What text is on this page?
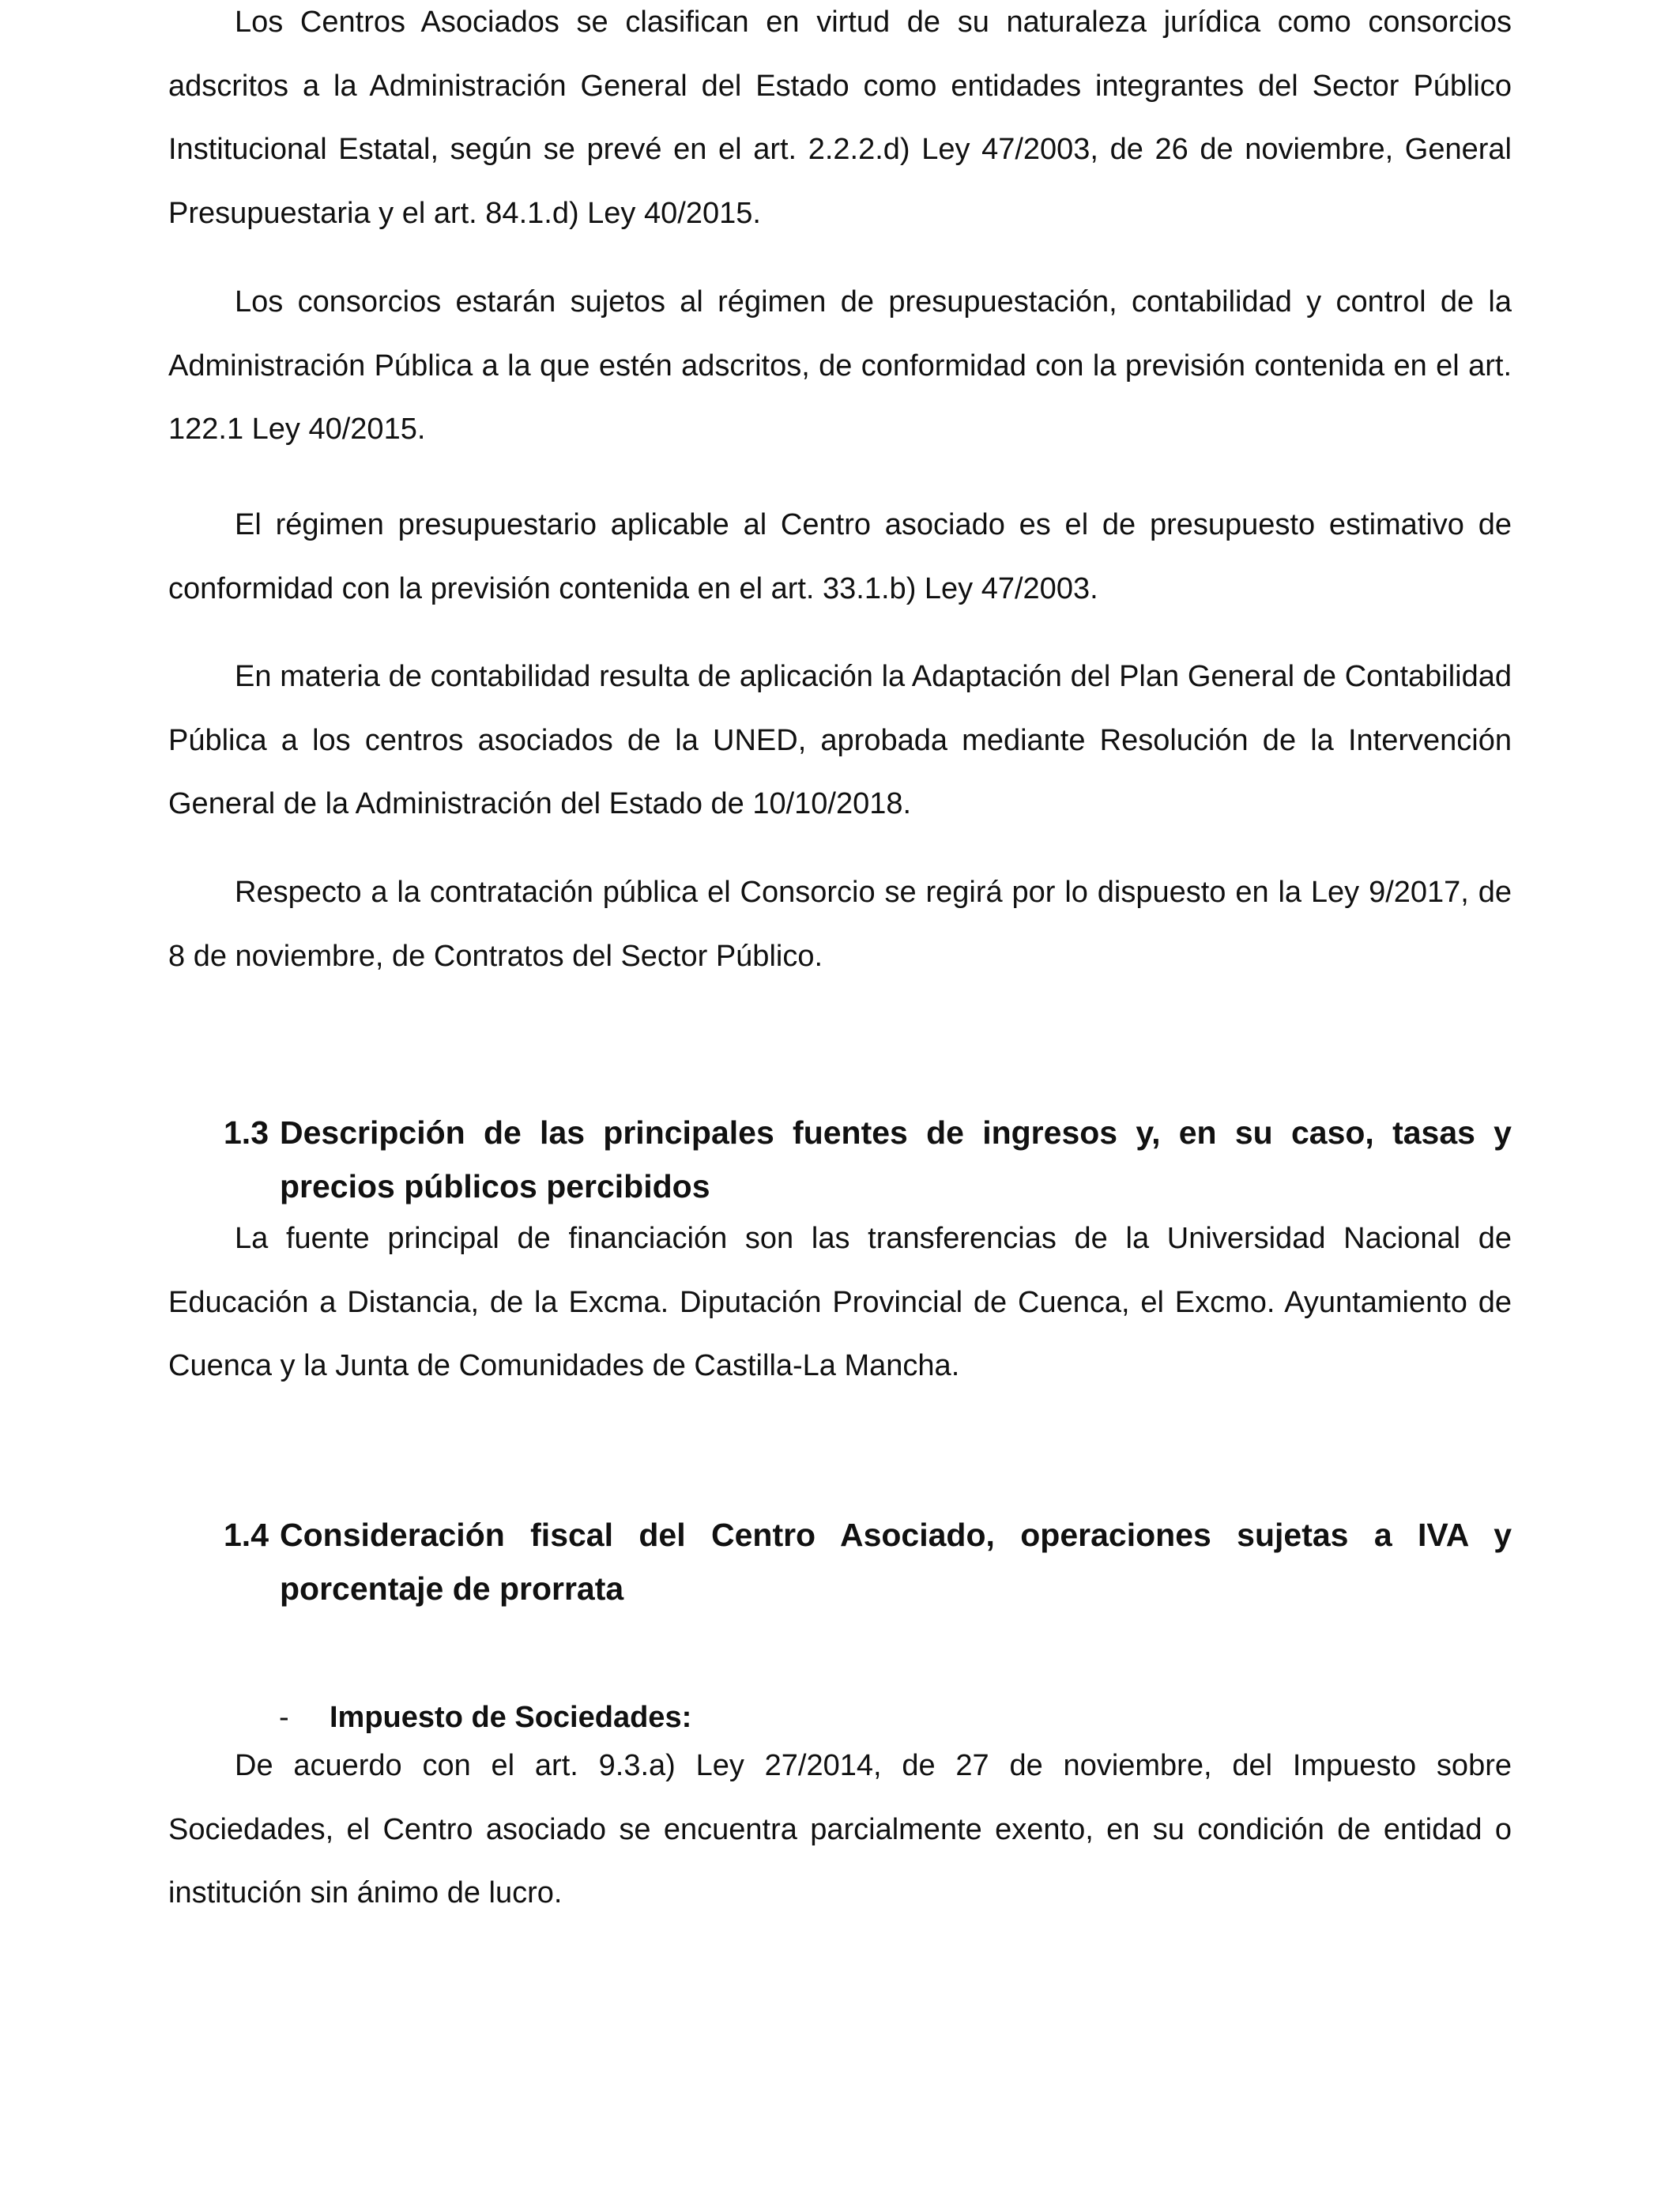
Los Centros Asociados se clasifican en virtud de su naturaleza jurídica como consorcios adscritos a la Administración General del Estado como entidades integrantes del Sector Público Institucional Estatal, según se prevé en el art. 2.2.2.d) Ley 47/2003, de 26 de noviembre, General Presupuestaria y el art. 84.1.d) Ley 40/2015.

Los consorcios estarán sujetos al régimen de presupuestación, contabilidad y control de la Administración Pública a la que estén adscritos, de conformidad con la previsión contenida en el art. 122.1 Ley 40/2015.

El régimen presupuestario aplicable al Centro asociado es el de presupuesto estimativo de conformidad con la previsión contenida en el art. 33.1.b) Ley 47/2003.

En materia de contabilidad resulta de aplicación la Adaptación del Plan General de Contabilidad Pública a los centros asociados de la UNED, aprobada mediante Resolución de la Intervención General de la Administración del Estado de 10/10/2018.

Respecto a la contratación pública el Consorcio se regirá por lo dispuesto en la Ley 9/2017, de 8 de noviembre, de Contratos del Sector Público.

1.3 Descripción de las principales fuentes de ingresos y, en su caso, tasas y precios públicos percibidos

La fuente principal de financiación son las transferencias de la Universidad Nacional de Educación a Distancia, de la Excma. Diputación Provincial de Cuenca, el Excmo. Ayuntamiento de Cuenca y la Junta de Comunidades de Castilla-La Mancha.

1.4 Consideración fiscal del Centro Asociado, operaciones sujetas a IVA y porcentaje de prorrata

- Impuesto de Sociedades:

De acuerdo con el art. 9.3.a) Ley 27/2014, de 27 de noviembre, del Impuesto sobre Sociedades, el Centro asociado se encuentra parcialmente exento, en su condición de entidad o institución sin ánimo de lucro.
